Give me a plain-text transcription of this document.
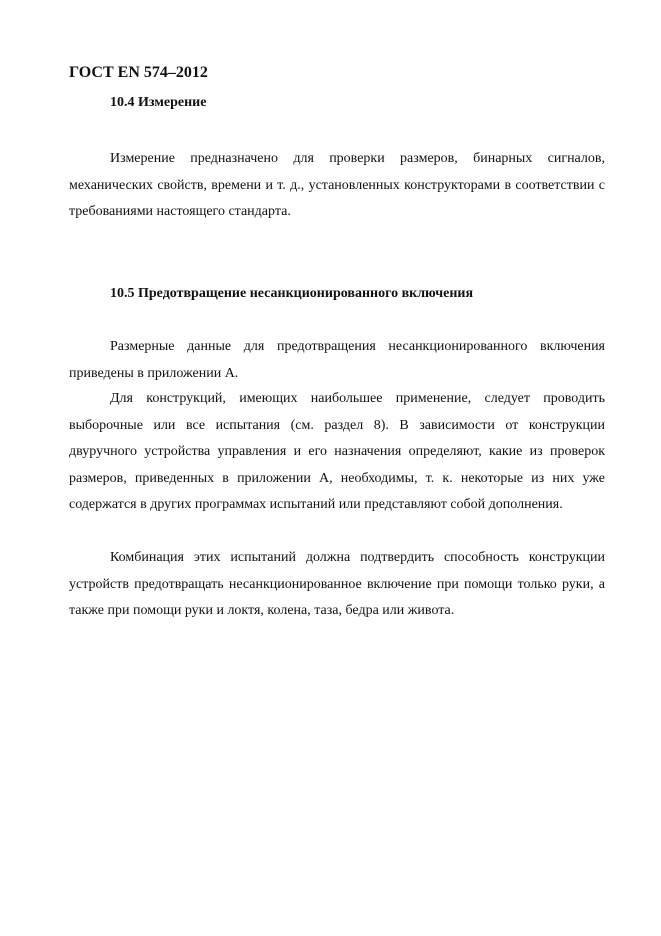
ГОСТ EN 574–2012
10.4 Измерение

Измерение предназначено для проверки размеров, бинарных сигналов, механических свойств, времени и т. д., установленных конструкторами в соответствии с требованиями настоящего стандарта.

10.5 Предотвращение несанкционированного включения

Размерные данные для предотвращения несанкционированного включения приведены в приложении А.

Для конструкций, имеющих наибольшее применение, следует проводить выборочные или все испытания (см. раздел 8). В зависимости от конструкции двуручного устройства управления и его назначения определяют, какие из проверок размеров, приведенных в приложении А, необходимы, т. к. некоторые из них уже содержатся в других программах испытаний или представляют собой дополнения.

Комбинация этих испытаний должна подтвердить способность конструкции устройств предотвращать несанкционированное включение при помощи только руки, а также при помощи руки и локтя, колена, таза, бедра или живота.
